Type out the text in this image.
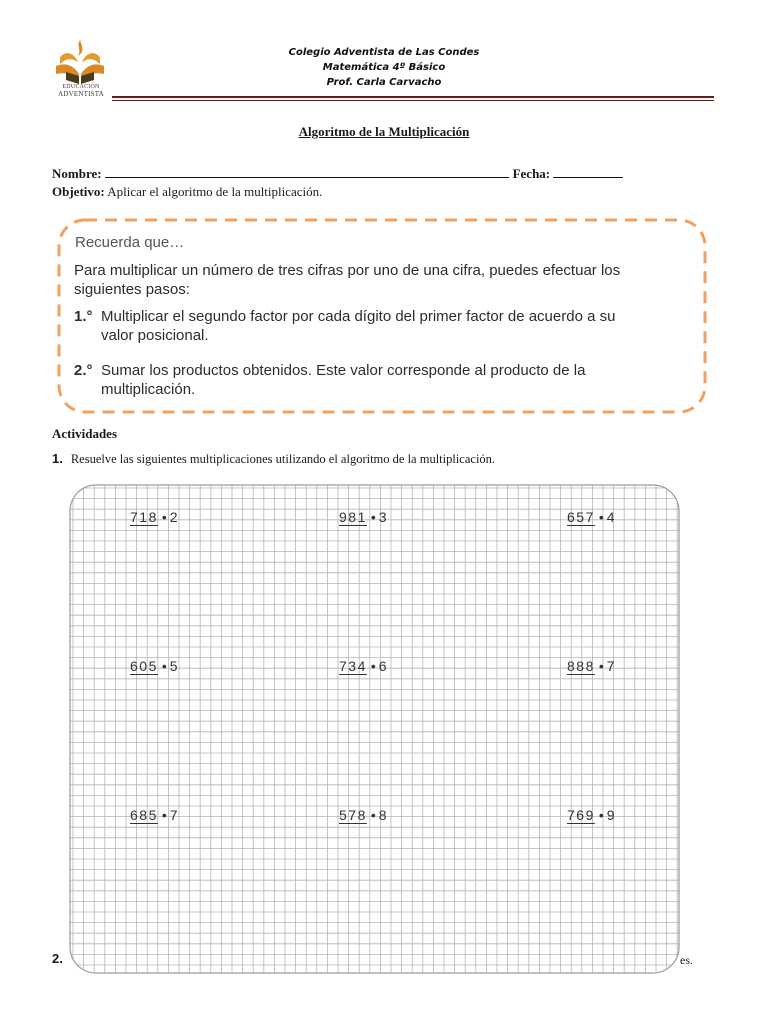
EDUCACIÓN
ADVENTISTA
Colegio Adventista de Las Condes
Matemática 4º Básico
Prof. Carla Carvacho
Algoritmo de la Multiplicación
Nombre:	Fecha:
Objetivo: Aplicar el algoritmo de la multiplicación.
Recuerda que…
Para multiplicar un número de tres cifras por uno de una cifra, puedes efectuar los siguientes pasos:
1.° Multiplicar el segundo factor por cada dígito del primer factor de acuerdo a su
valor posicional.
2.° Sumar los productos obtenidos. Este valor corresponde al producto de la
multiplicación.
Actividades
1. Resuelve las siguientes multiplicaciones utilizando el algoritmo de la multiplicación.
2.	es.
718 • 2	981 • 3	657 • 4
605 • 5	734 • 6	888 • 7
685 • 7	578 • 8	769 • 9
